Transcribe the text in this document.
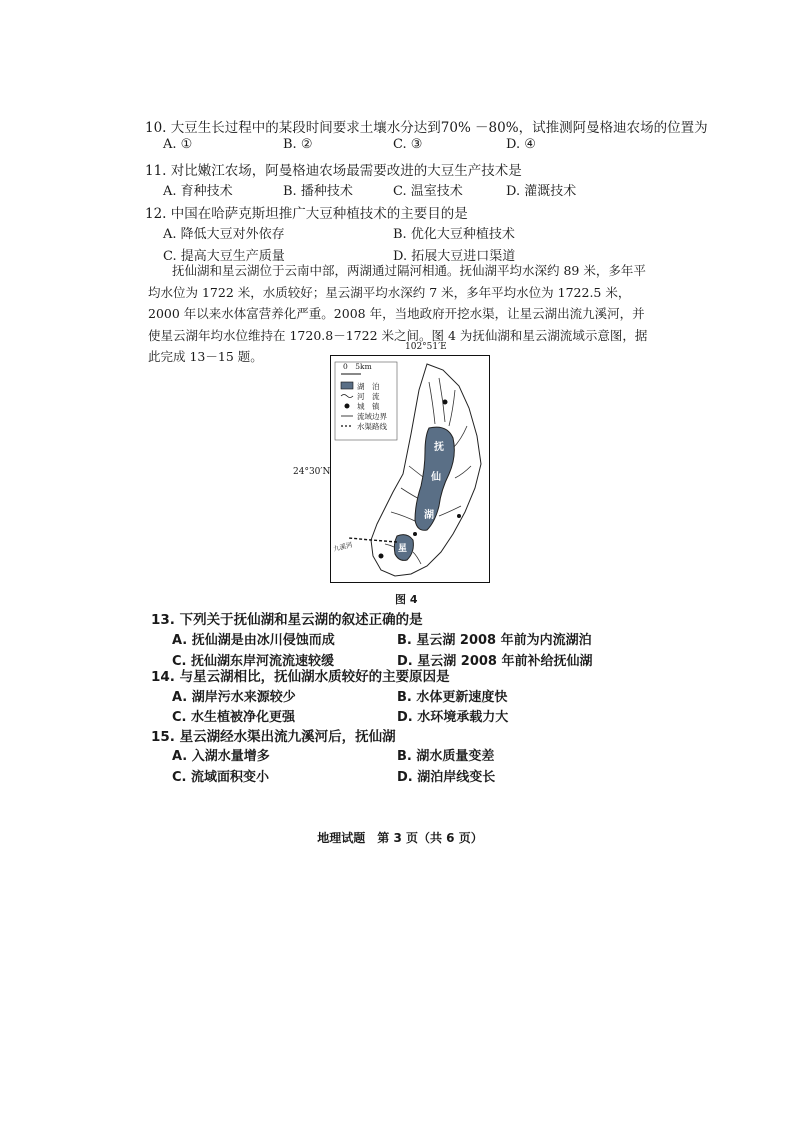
10. 大豆生长过程中的某段时间要求土壤水分达到70% －80%，试推测阿曼格迪农场的位置为
A. ①	B. ②	C. ③	D. ④
11. 对比嫩江农场，阿曼格迪农场最需要改进的大豆生产技术是
A. 育种技术	B. 播种技术	C. 温室技术	D. 灌溉技术
12. 中国在哈萨克斯坦推广大豆种植技术的主要目的是
A. 降低大豆对外依存	B. 优化大豆种植技术
C. 提高大豆生产质量	D. 拓展大豆进口渠道
抚仙湖和星云湖位于云南中部，两湖通过隔河相通。抚仙湖平均水深约 89 米，多年平均水位为 1722 米，水质较好；星云湖平均水深约 7 米，多年平均水位为 1722.5 米，2000 年以来水体富营养化严重。2008 年，当地政府开挖水渠，让星云湖出流九溪河，并使星云湖年均水位维持在 1720.8－1722 米之间。图 4 为抚仙湖和星云湖流域示意图，据此完成 13－15 题。
102°51′E
24°30′N
0　5km
湖　泊
河　流
城　镇
流域边界
水渠路线
抚
仙
湖
星
九溪河
图 4
13. 下列关于抚仙湖和星云湖的叙述正确的是
A. 抚仙湖是由冰川侵蚀而成	B. 星云湖 2008 年前为内流湖泊
C. 抚仙湖东岸河流流速较缓	D. 星云湖 2008 年前补给抚仙湖
14. 与星云湖相比，抚仙湖水质较好的主要原因是
A. 湖岸污水来源较少	B. 水体更新速度快
C. 水生植被净化更强	D. 水环境承载力大
15. 星云湖经水渠出流九溪河后，抚仙湖
A. 入湖水量增多	B. 湖水质量变差
C. 流域面积变小	D. 湖泊岸线变长
地理试题　第 3 页（共 6 页）
